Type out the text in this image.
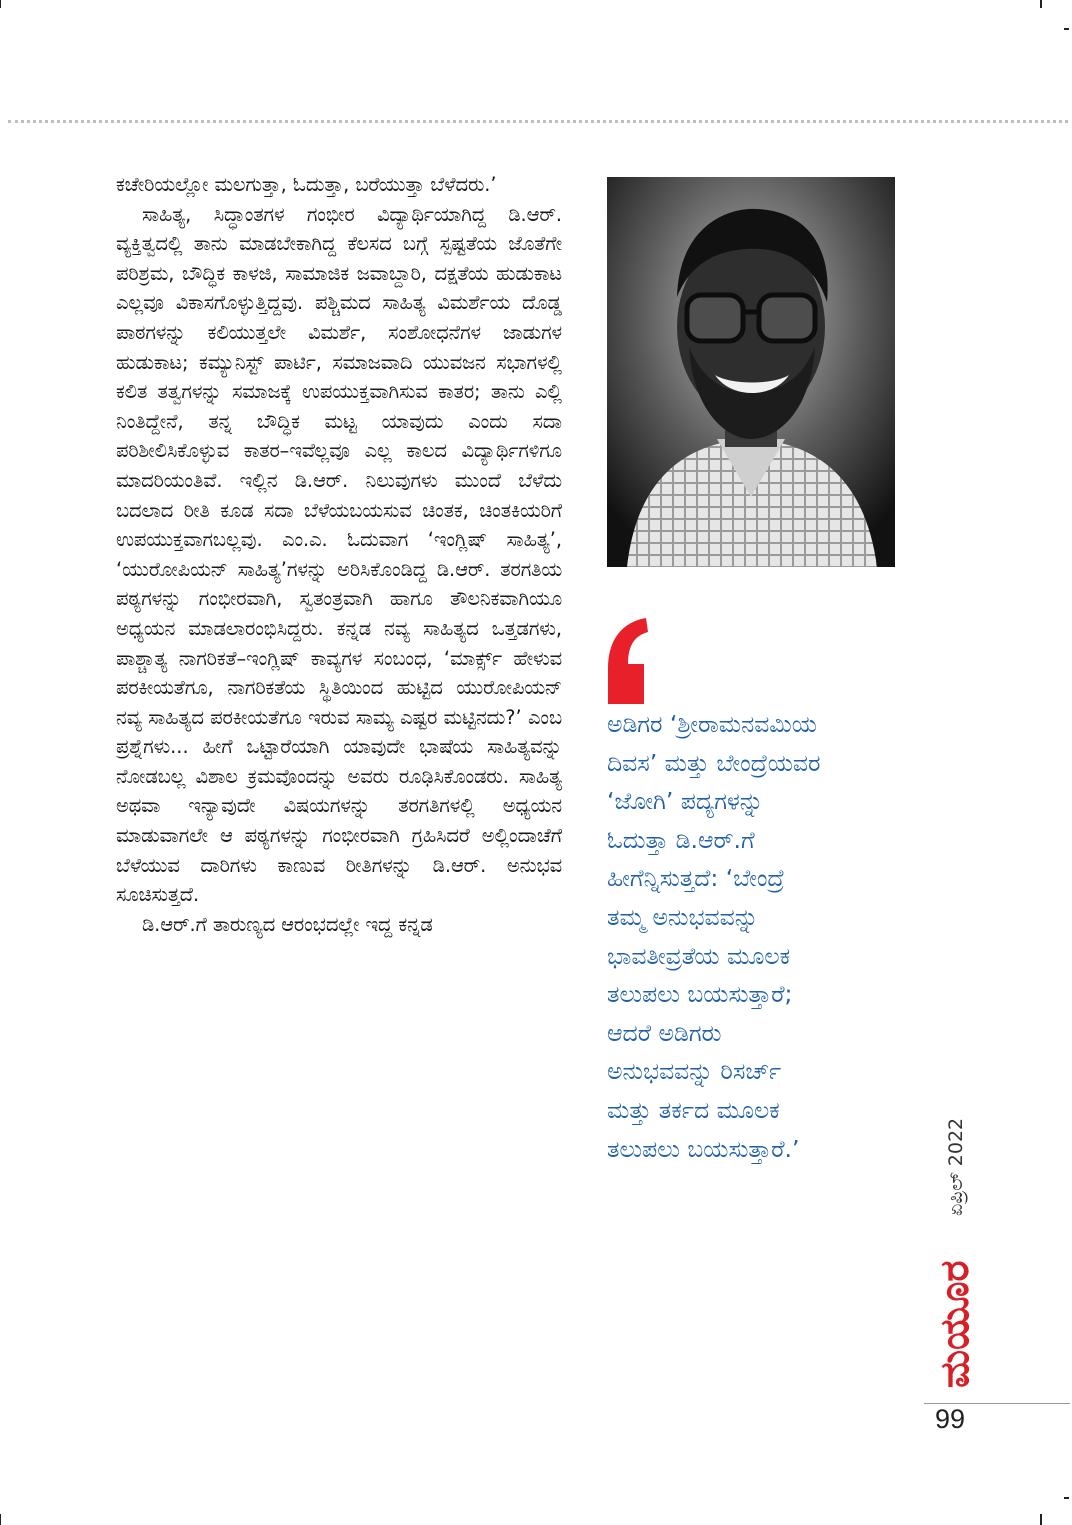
ಕಚೇರಿಯಲ್ಲೋ ಮಲಗುತ್ತಾ, ಓದುತ್ತಾ, ಬರೆಯುತ್ತಾ ಬೆಳೆದರು.’

ಸಾಹಿತ್ಯ, ಸಿದ್ಧಾಂತಗಳ ಗಂಭೀರ ವಿದ್ಯಾರ್ಥಿಯಾಗಿದ್ದ ಡಿ.ಆರ್. ವ್ಯಕ್ತಿತ್ವದಲ್ಲಿ ತಾನು ಮಾಡಬೇಕಾಗಿದ್ದ ಕೆಲಸದ ಬಗ್ಗೆ ಸ್ಪಷ್ಟತೆಯ ಜೊತೆಗೇ ಪರಿಶ್ರಮ, ಬೌದ್ಧಿಕ ಕಾಳಜಿ, ಸಾಮಾಜಿಕ ಜವಾಬ್ದಾರಿ, ದಕ್ಷತೆಯ ಹುಡುಕಾಟ ಎಲ್ಲವೂ ವಿಕಾಸಗೊಳ್ಳುತ್ತಿದ್ದವು. ಪಶ್ಚಿಮದ ಸಾಹಿತ್ಯ ವಿಮರ್ಶೆಯ ದೊಡ್ಡ ಪಾಠಗಳನ್ನು ಕಲಿಯುತ್ತಲೇ ವಿಮರ್ಶೆ, ಸಂಶೋಧನೆಗಳ ಜಾಡುಗಳ ಹುಡುಕಾಟ; ಕಮ್ಯುನಿಸ್ಟ್ ಪಾರ್ಟಿ, ಸಮಾಜವಾದಿ ಯುವಜನ ಸಭಾಗಳಲ್ಲಿ ಕಲಿತ ತತ್ವಗಳನ್ನು ಸಮಾಜಕ್ಕೆ ಉಪಯುಕ್ತವಾಗಿಸುವ ಕಾತರ; ತಾನು ಎಲ್ಲಿ ನಿಂತಿದ್ದೇನೆ, ತನ್ನ ಬೌದ್ಧಿಕ ಮಟ್ಟ ಯಾವುದು ಎಂದು ಸದಾ ಪರಿಶೀಲಿಸಿಕೊಳ್ಳುವ ಕಾತರ–ಇವೆಲ್ಲವೂ ಎಲ್ಲ ಕಾಲದ ವಿದ್ಯಾರ್ಥಿಗಳಿಗೂ ಮಾದರಿಯಂತಿವೆ. ಇಲ್ಲಿನ ಡಿ.ಆರ್. ನಿಲುವುಗಳು ಮುಂದೆ ಬೆಳೆದು ಬದಲಾದ ರೀತಿ ಕೂಡ ಸದಾ ಬೆಳೆಯಬಯಸುವ ಚಿಂತಕ, ಚಿಂತಕಿಯರಿಗೆ ಉಪಯುಕ್ತವಾಗಬಲ್ಲವು. ಎಂ.ಎ. ಓದುವಾಗ ‘ಇಂಗ್ಲಿಷ್ ಸಾಹಿತ್ಯ’, ‘ಯುರೋಪಿಯನ್ ಸಾಹಿತ್ಯ’ಗಳನ್ನು ಅರಿಸಿಕೊಂಡಿದ್ದ ಡಿ.ಆರ್. ತರಗತಿಯ ಪಠ್ಯಗಳನ್ನು ಗಂಭೀರವಾಗಿ, ಸ್ವತಂತ್ರವಾಗಿ ಹಾಗೂ ತೌಲನಿಕವಾಗಿಯೂ ಅಧ್ಯಯನ ಮಾಡಲಾರಂಭಿಸಿದ್ದರು. ಕನ್ನಡ ನವ್ಯ ಸಾಹಿತ್ಯದ ಒತ್ತಡಗಳು, ಪಾಶ್ಚಾತ್ಯ ನಾಗರಿಕತೆ–ಇಂಗ್ಲಿಷ್ ಕಾವ್ಯಗಳ ಸಂಬಂಧ, ‘ಮಾರ್ಕ್ಸ್ ಹೇಳುವ ಪರಕೀಯತೆಗೂ, ನಾಗರಿಕತೆಯ ಸ್ಥಿತಿಯಿಂದ ಹುಟ್ಟಿದ ಯುರೋಪಿಯನ್ ನವ್ಯ ಸಾಹಿತ್ಯದ ಪರಕೀಯತೆಗೂ ಇರುವ ಸಾಮ್ಯ ಎಷ್ಟರ ಮಟ್ಟಿನದು?’ ಎಂಬ ಪ್ರಶ್ನೆಗಳು... ಹೀಗೆ ಒಟ್ಟಾರೆಯಾಗಿ ಯಾವುದೇ ಭಾಷೆಯ ಸಾಹಿತ್ಯವನ್ನು ನೋಡಬಲ್ಲ ವಿಶಾಲ ಕ್ರಮವೊಂದನ್ನು ಅವರು ರೂಢಿಸಿಕೊಂಡರು. ಸಾಹಿತ್ಯ ಅಥವಾ ಇನ್ಯಾವುದೇ ವಿಷಯಗಳನ್ನು ತರಗತಿಗಳಲ್ಲಿ ಅಧ್ಯಯನ ಮಾಡುವಾಗಲೇ ಆ ಪಠ್ಯಗಳನ್ನು ಗಂಭೀರವಾಗಿ ಗ್ರಹಿಸಿದರೆ ಅಲ್ಲಿಂದಾಚೆಗೆ ಬೆಳೆಯುವ ದಾರಿಗಳು ಕಾಣುವ ರೀತಿಗಳನ್ನು ಡಿ.ಆರ್. ಅನುಭವ ಸೂಚಿಸುತ್ತದೆ.

ಡಿ.ಆರ್.ಗೆ ತಾರುಣ್ಯದ ಆರಂಭದಲ್ಲೇ ಇದ್ದ ಕನ್ನಡ

ಅಡಿಗರ ‘ಶ್ರೀರಾಮನವಮಿಯ

ದಿವಸ’ ಮತ್ತು ಬೇಂದ್ರೆಯವರ

‘ಜೋಗಿ’ ಪದ್ಯಗಳನ್ನು

ಓದುತ್ತಾ ಡಿ.ಆರ್.ಗೆ

ಹೀಗೆನ್ನಿಸುತ್ತದೆ: ‘ಬೇಂದ್ರೆ

ತಮ್ಮ ಅನುಭವವನ್ನು

ಭಾವತೀವ್ರತೆಯ ಮೂಲಕ

ತಲುಪಲು ಬಯಸುತ್ತಾರೆ;

ಆದರೆ ಅಡಿಗರು

ಅನುಭವವನ್ನು ರಿಸರ್ಚ್

ಮತ್ತು ತರ್ಕದ ಮೂಲಕ

ತಲುಪಲು ಬಯಸುತ್ತಾರೆ.’	ಏಪ್ರಿಲ್ 2022
ಮಯೂರ
99
